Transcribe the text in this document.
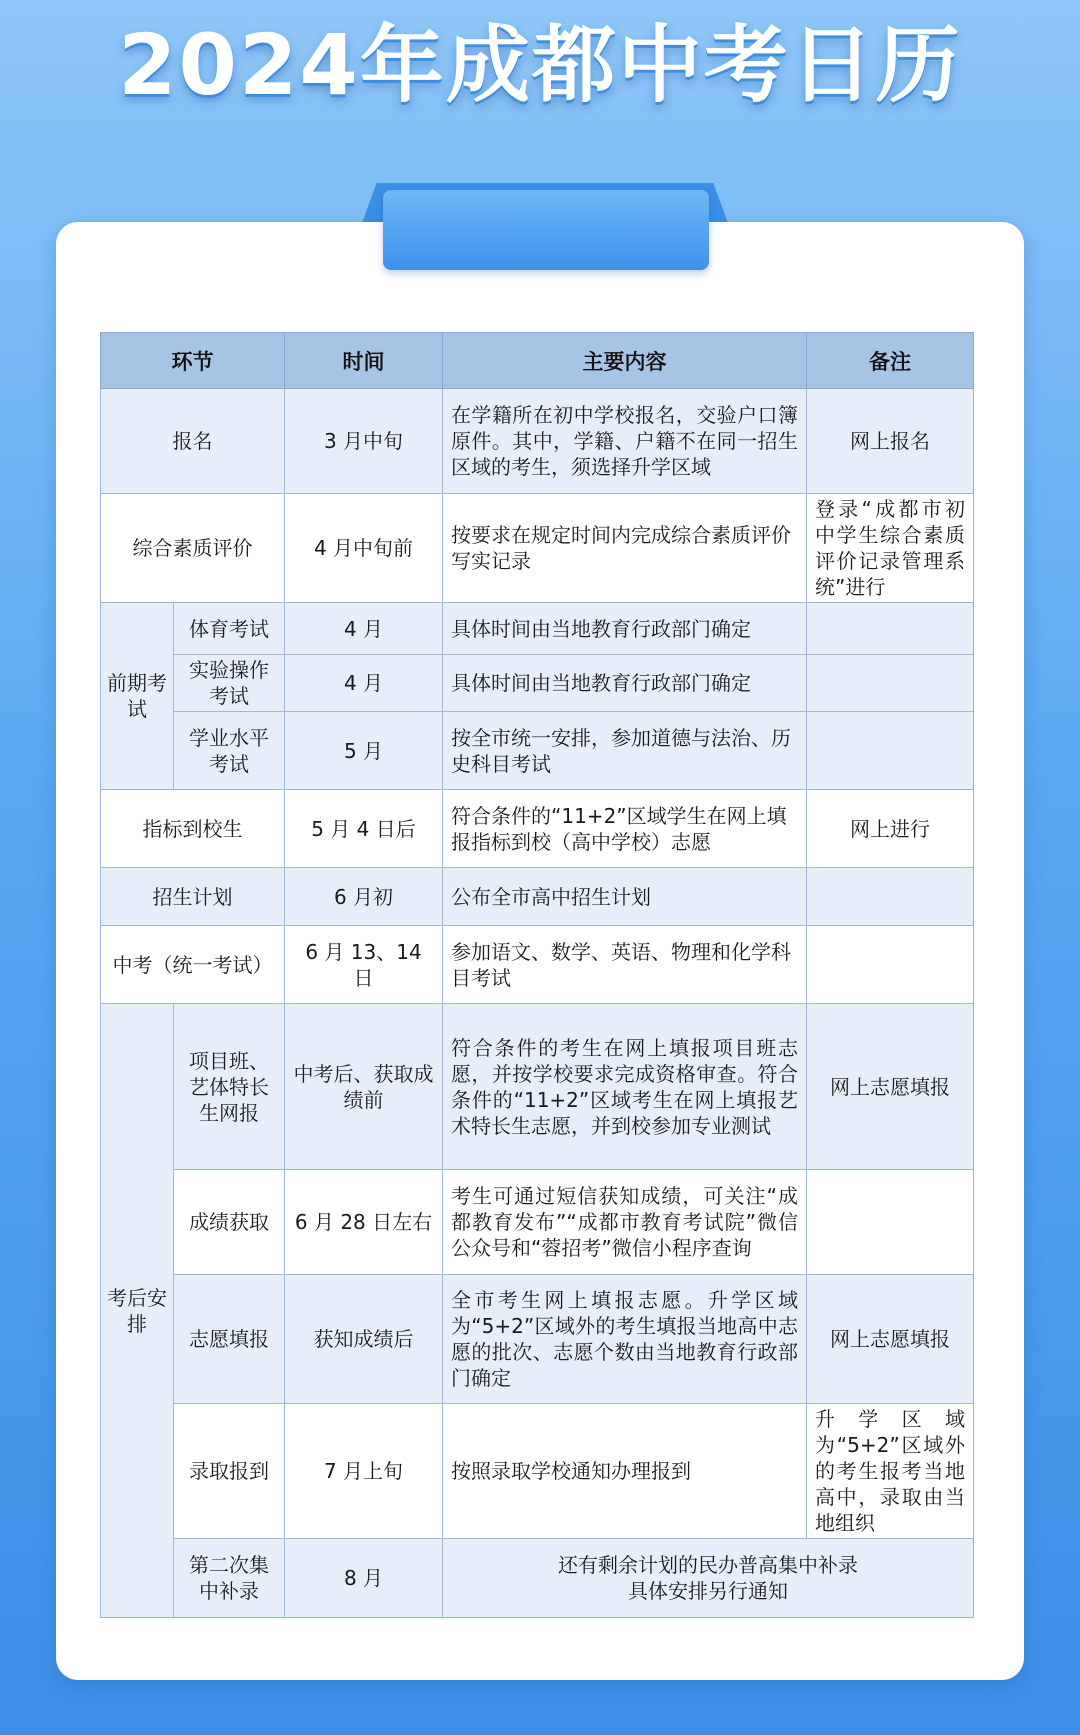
2024年成都中考日历
环节		时间	主要内容	备注
报名		3 月中旬	在学籍所在初中学校报名，交验户口簿原件。其中，学籍、户籍不在同一招生区域的考生，须选择升学区域	网上报名
综合素质评价		4 月中旬前	按要求在规定时间内完成综合素质评价写实记录	登录“成都市初中学生综合素质评价记录管理系统”进行
前期考试	体育考试	4 月	具体时间由当地教育行政部门确定	
	实验操作考试	4 月	具体时间由当地教育行政部门确定	
	学业水平考试	5 月	按全市统一安排，参加道德与法治、历史科目考试	
指标到校生		5 月 4 日后	符合条件的“11+2”区域学生在网上填报指标到校（高中学校）志愿	网上进行
招生计划		6 月初	公布全市高中招生计划	
中考（统一考试）		6 月 13、14 日	参加语文、数学、英语、物理和化学科目考试	
考后安排	项目班、艺体特长生网报	中考后、获取成绩前	符合条件的考生在网上填报项目班志愿，并按学校要求完成资格审查。符合条件的“11+2”区域考生在网上填报艺术特长生志愿，并到校参加专业测试	网上志愿填报
	成绩获取	6 月 28 日左右	考生可通过短信获知成绩，可关注“成都教育发布”“成都市教育考试院”微信公众号和“蓉招考”微信小程序查询	
	志愿填报	获知成绩后	全市考生网上填报志愿。升学区域为“5+2”区域外的考生填报当地高中志愿的批次、志愿个数由当地教育行政部门确定	网上志愿填报
	录取报到	7 月上旬	按照录取学校通知办理报到	升学区域为“5+2”区域外的考生报考当地高中，录取由当地组织
	第二次集中补录	8 月	还有剩余计划的民办普高集中补录
具体安排另行通知	
